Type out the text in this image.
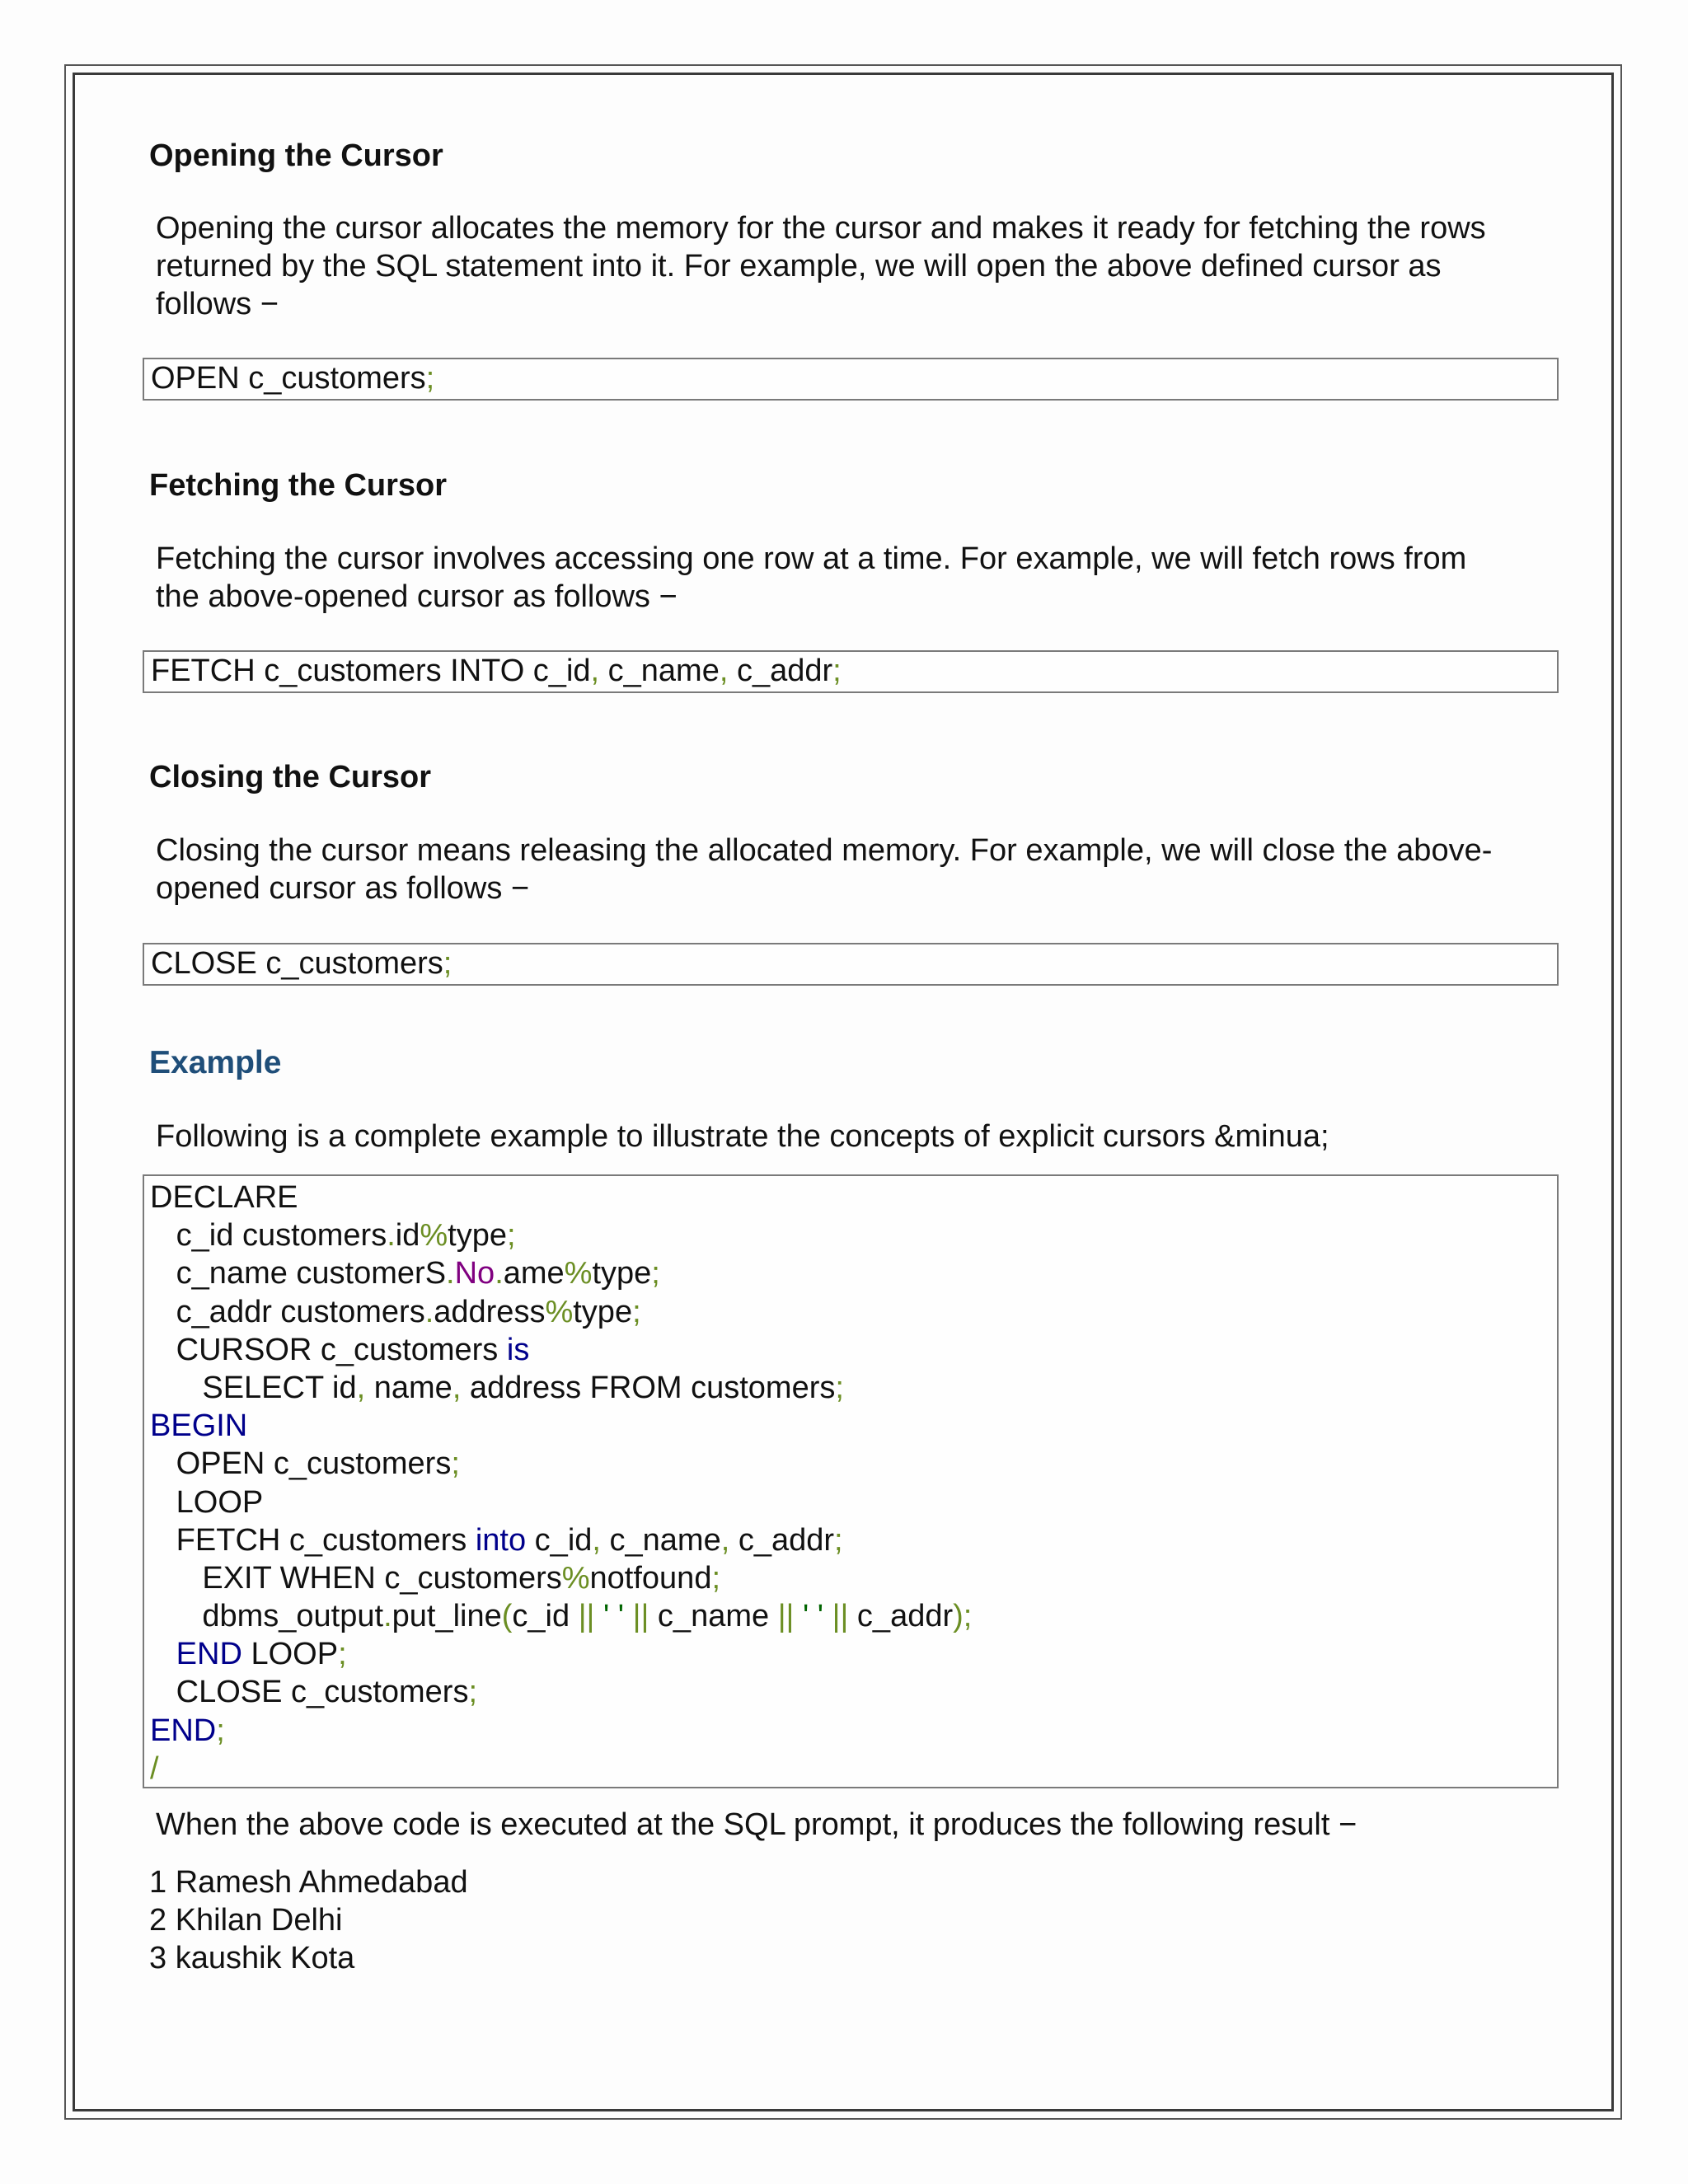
Opening the Cursor
Opening the cursor allocates the memory for the cursor and makes it ready for fetching the rows
returned by the SQL statement into it. For example, we will open the above defined cursor as
follows −
OPEN c_customers;
Fetching the Cursor
Fetching the cursor involves accessing one row at a time. For example, we will fetch rows from
the above-opened cursor as follows −
FETCH c_customers INTO c_id, c_name, c_addr;
Closing the Cursor
Closing the cursor means releasing the allocated memory. For example, we will close the above-
opened cursor as follows −
CLOSE c_customers;
Example

Following is a complete example to illustrate the concepts of explicit cursors &minua;

DECLARE
c_id customers.id%type;
c_name customerS.No.ame%type;
c_addr customers.address%type;
CURSOR c_customers is
SELECT id, name, address FROM customers;
BEGIN
OPEN c_customers;
LOOP
FETCH c_customers into c_id, c_name, c_addr;
EXIT WHEN c_customers%notfound;
dbms_output.put_line(c_id || ' ' || c_name || ' ' || c_addr);
END LOOP;
CLOSE c_customers;
END;
/

When the above code is executed at the SQL prompt, it produces the following result −

1 Ramesh Ahmedabad

2 Khilan Delhi

3 kaushik Kota
